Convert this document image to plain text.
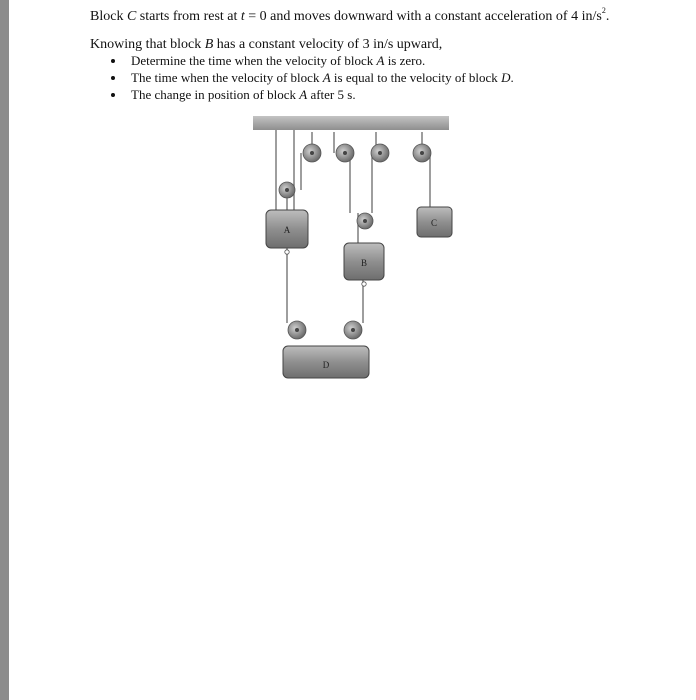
Block C starts from rest at t = 0 and moves downward with a constant acceleration of 4 $in/s^2$.
Knowing that block B has a constant velocity of 3 in/s upward,
Determine the time when the velocity of block A is zero.
The time when the velocity of block A is equal to the velocity of block D.
The change in position of block A after 5 s.
A
B
C
D
